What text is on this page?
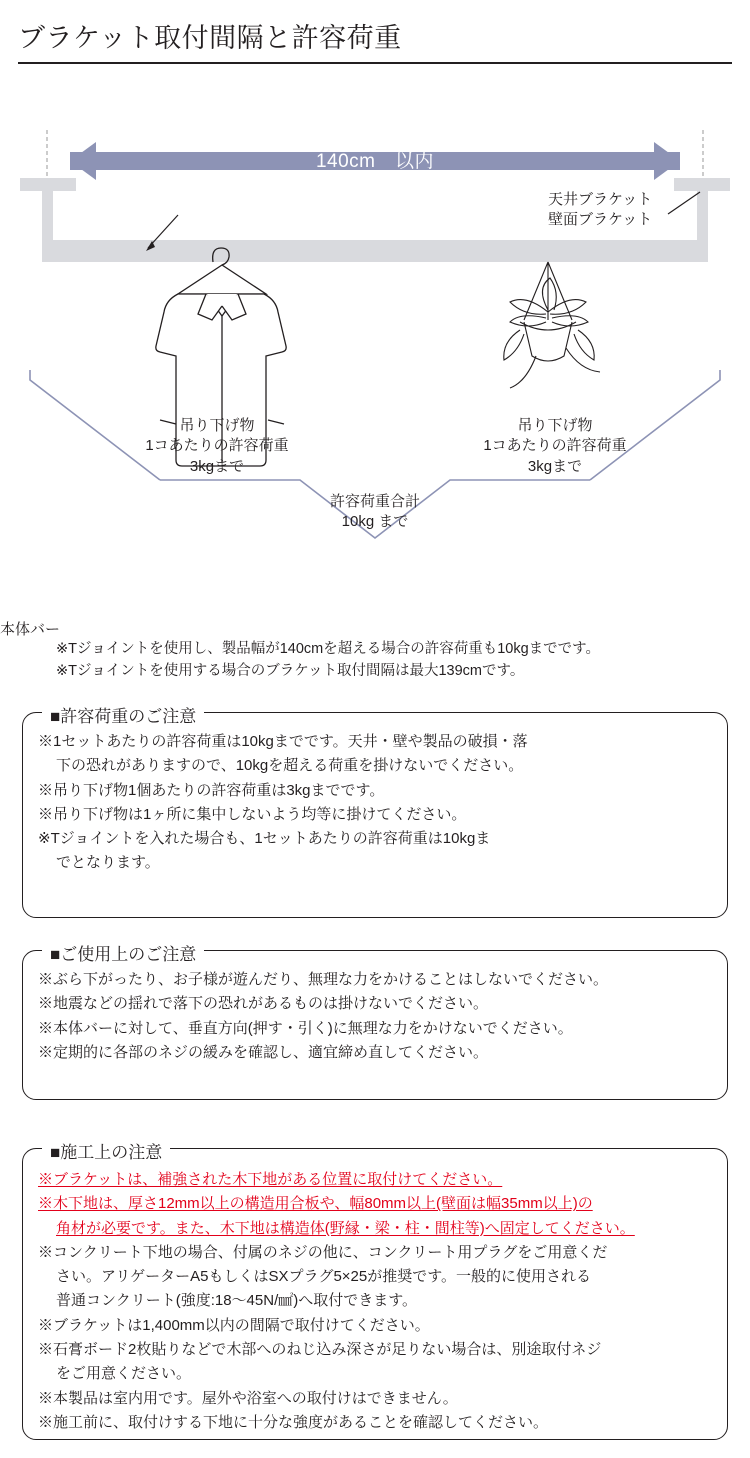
ブラケット取付間隔と許容荷重
140cm　以内
本体バー
天井ブラケット
壁面ブラケット
吊り下げ物
1コあたりの許容荷重
3kgまで
吊り下げ物
1コあたりの許容荷重
3kgまで
許容荷重合計
10kg まで
※Tジョイントを使用し、製品幅が140cmを超える場合の許容荷重も10kgまでです。
※Tジョイントを使用する場合のブラケット取付間隔は最大139cmです。
■許容荷重のご注意

※1セットあたりの許容荷重は10kgまでです。天井・壁や製品の破損・落

下の恐れがありますので、10kgを超える荷重を掛けないでください。

※吊り下げ物1個あたりの許容荷重は3kgまでです。

※吊り下げ物は1ヶ所に集中しないよう均等に掛けてください。

※Tジョイントを入れた場合も、1セットあたりの許容荷重は10kgま

でとなります。

■ご使用上のご注意

※ぶら下がったり、お子様が遊んだり、無理な力をかけることはしないでください。

※地震などの揺れで落下の恐れがあるものは掛けないでください。

※本体バーに対して、垂直方向(押す・引く)に無理な力をかけないでください。

※定期的に各部のネジの緩みを確認し、適宜締め直してください。

■施工上の注意

※ブラケットは、補強された木下地がある位置に取付けてください。

※木下地は、厚さ12mm以上の構造用合板や、幅80mm以上(壁面は幅35mm以上)の

角材が必要です。また、木下地は構造体(野縁・梁・柱・間柱等)へ固定してください。

※コンクリート下地の場合、付属のネジの他に、コンクリート用プラグをご用意くだ

さい。アリゲーターA5もしくはSXプラグ5×25が推奨です。一般的に使用される

普通コンクリート(強度:18〜45N/㎟)へ取付できます。

※ブラケットは1,400mm以内の間隔で取付けてください。

※石膏ボード2枚貼りなどで木部へのねじ込み深さが足りない場合は、別途取付ネジ

をご用意ください。

※本製品は室内用です。屋外や浴室への取付けはできません。

※施工前に、取付けする下地に十分な強度があることを確認してください。
